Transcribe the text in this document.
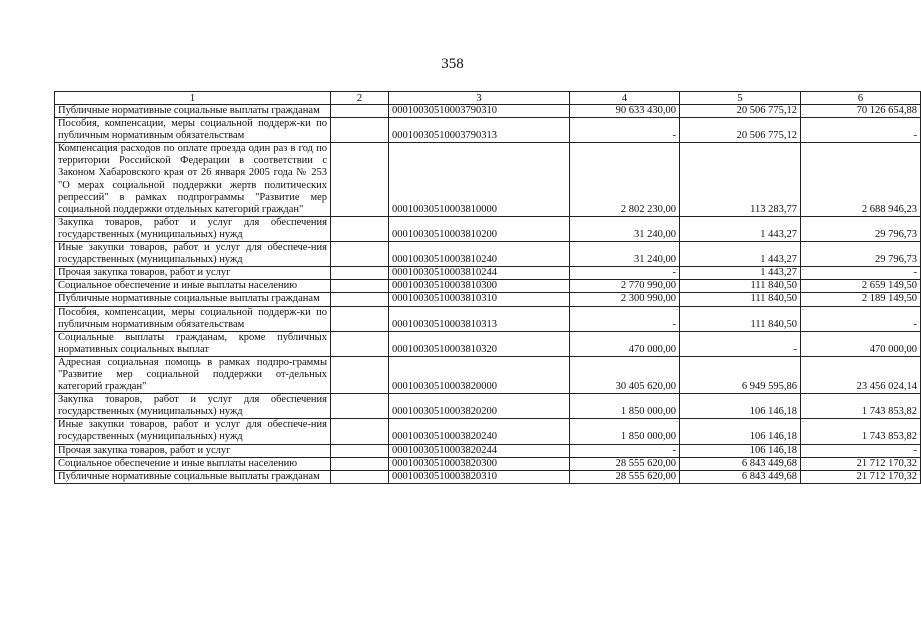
358
1	2	3	4	5	6
Публичные нормативные социальные выплаты гражданам		00010030510003790310	90 633 430,00	20 506 775,12	70 126 654,88
Пособия, компенсации, меры социальной поддерж-ки по публичным нормативным обязательствам		00010030510003790313	-	20 506 775,12	-
Компенсация расходов по оплате проезда один раз в год по территории Российской Федерации в соответствии с Законом Хабаровского края от 26 января 2005 года № 253 "О мерах социальной поддержки жертв политических репрессий" в рамках подпрограммы "Развитие мер социальной поддержки отдельных категорий граждан"		00010030510003810000	2 802 230,00	113 283,77	2 688 946,23
Закупка товаров, работ и услуг для обеспечения государственных (муниципальных) нужд		00010030510003810200	31 240,00	1 443,27	29 796,73
Иные закупки товаров, работ и услуг для обеспече-ния государственных (муниципальных) нужд		00010030510003810240	31 240,00	1 443,27	29 796,73
Прочая закупка товаров, работ и услуг		00010030510003810244	-	1 443,27	-
Социальное обеспечение и иные выплаты населению		00010030510003810300	2 770 990,00	111 840,50	2 659 149,50
Публичные нормативные социальные выплаты гражданам		00010030510003810310	2 300 990,00	111 840,50	2 189 149,50
Пособия, компенсации, меры социальной поддерж-ки по публичным нормативным обязательствам		00010030510003810313	-	111 840,50	-
Социальные выплаты гражданам, кроме публичных нормативных социальных выплат		00010030510003810320	470 000,00	-	470 000,00
Адресная социальная помощь в рамках подпро-граммы "Развитие мер социальной поддержки от-дельных категорий граждан"		00010030510003820000	30 405 620,00	6 949 595,86	23 456 024,14
Закупка товаров, работ и услуг для обеспечения государственных (муниципальных) нужд		00010030510003820200	1 850 000,00	106 146,18	1 743 853,82
Иные закупки товаров, работ и услуг для обеспече-ния государственных (муниципальных) нужд		00010030510003820240	1 850 000,00	106 146,18	1 743 853,82
Прочая закупка товаров, работ и услуг		00010030510003820244	-	106 146,18	-
Социальное обеспечение и иные выплаты населению		00010030510003820300	28 555 620,00	6 843 449,68	21 712 170,32
Публичные нормативные социальные выплаты гражданам		00010030510003820310	28 555 620,00	6 843 449,68	21 712 170,32
